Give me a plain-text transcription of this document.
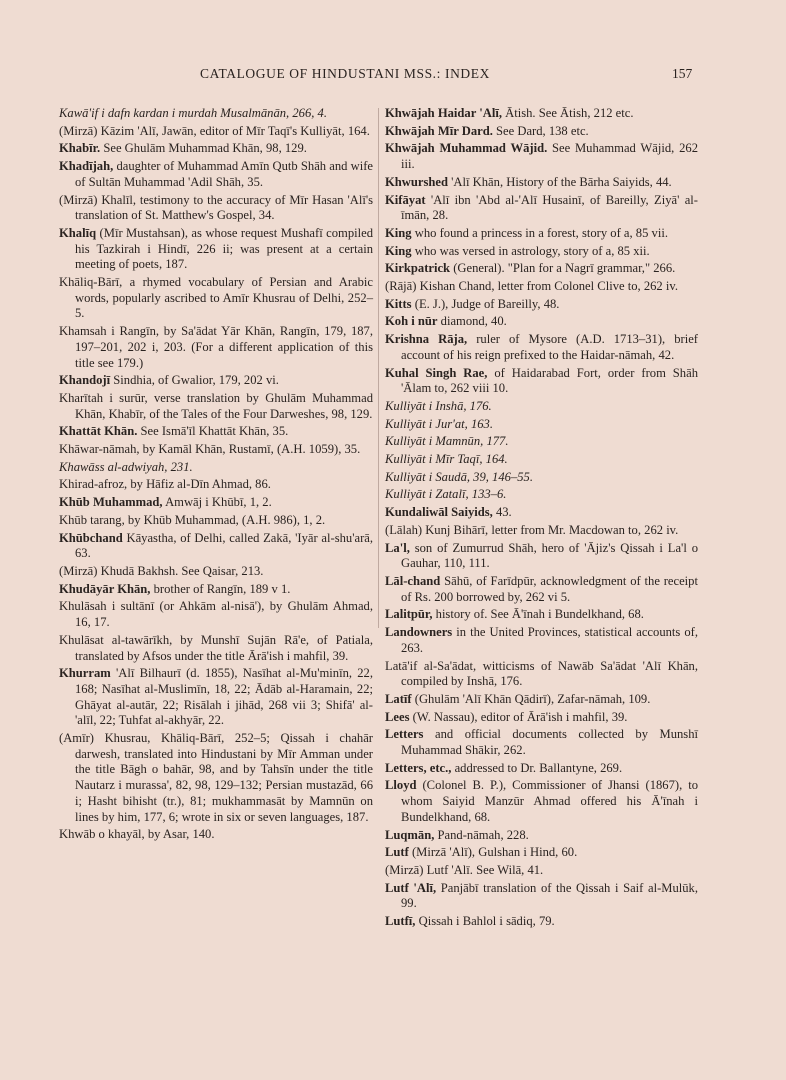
CATALOGUE OF HINDUSTANI MSS.: INDEX	157

Kawā'if i dafn kardan i murdah Musalmānān, 266, 4.

(Mirzā) Kāzim 'Alī, Jawān, editor of Mīr Taqī's Kulliyāt, 164.

Khabīr. See Ghulām Muhammad Khān, 98, 129.

Khadījah, daughter of Muhammad Amīn Qutb Shāh and wife of Sultān Muhammad 'Adil Shāh, 35.

(Mirzā) Khalīl, testimony to the accuracy of Mīr Hasan 'Alī's translation of St. Matthew's Gospel, 34.

Khalīq (Mīr Mustahsan), as whose request Mushafī compiled his Tazkirah i Hindī, 226 ii; was present at a certain meeting of poets, 187.

Khāliq-Bārī, a rhymed vocabulary of Persian and Arabic words, popularly ascribed to Amīr Khusrau of Delhi, 252–5.

Khamsah i Rangīn, by Sa'ādat Yār Khān, Rangīn, 179, 187, 197–201, 202 i, 203. (For a different application of this title see 179.)

Khandojī Sindhia, of Gwalior, 179, 202 vi.

Kharītah i surūr, verse translation by Ghulām Muhammad Khān, Khabīr, of the Tales of the Four Darweshes, 98, 129.

Khattāt Khān. See Ismā'īl Khattāt Khān, 35.

Khāwar-nāmah, by Kamāl Khān, Rustamī, (A.H. 1059), 35.

Khawāss al-adwiyah, 231.

Khirad-afroz, by Hāfiz al-Dīn Ahmad, 86.

Khūb Muhammad, Amwāj i Khūbī, 1, 2.

Khūb tarang, by Khūb Muhammad, (A.H. 986), 1, 2.

Khūbchand Kāyastha, of Delhi, called Zakā, 'Iyār al-shu'arā, 63.

(Mirzā) Khudā Bakhsh. See Qaisar, 213.

Khudāyār Khān, brother of Rangīn, 189 v 1.

Khulāsah i sultānī (or Ahkām al-nisā'), by Ghulām Ahmad, 16, 17.

Khulāsat al-tawārīkh, by Munshī Sujān Rā'e, of Patiala, translated by Afsos under the title Ārā'ish i mahfil, 39.

Khurram 'Alī Bilhaurī (d. 1855), Nasīhat al-Mu'minīn, 22, 168; Nasīhat al-Muslimīn, 18, 22; Ādāb al-Haramain, 22; Ghāyat al-autār, 22; Risālah i jihād, 268 vii 3; Shifā' al-'alīl, 22; Tuhfat al-akhyār, 22.

(Amīr) Khusrau, Khāliq-Bārī, 252–5; Qissah i chahār darwesh, translated into Hindustani by Mīr Amman under the title Bāgh o bahār, 98, and by Tahsīn under the title Nautarz i murassa', 82, 98, 129–132; Persian mustazād, 66 i; Hasht bihisht (tr.), 81; mukhammasāt by Mamnūn on lines by him, 177, 6; wrote in six or seven languages, 187.

Khwāb o khayāl, by Asar, 140.

Khwājah Haidar 'Alī, Ātish. See Ātish, 212 etc.

Khwājah Mīr Dard. See Dard, 138 etc.

Khwājah Muhammad Wājid. See Muhammad Wājid, 262 iii.

Khwurshed 'Alī Khān, History of the Bārha Saiyids, 44.

Kifāyat 'Alī ibn 'Abd al-'Alī Husainī, of Bareilly, Ziyā' al-īmān, 28.

King who found a princess in a forest, story of a, 85 vii.

King who was versed in astrology, story of a, 85 xii.

Kirkpatrick (General). "Plan for a Nagrī grammar," 266.

(Rājā) Kishan Chand, letter from Colonel Clive to, 262 iv.

Kitts (E. J.), Judge of Bareilly, 48.

Koh i nūr diamond, 40.

Krishna Rāja, ruler of Mysore (A.D. 1713–31), brief account of his reign prefixed to the Haidar-nāmah, 42.

Kuhal Singh Rae, of Haidarabad Fort, order from Shāh 'Ālam to, 262 viii 10.

Kulliyāt i Inshā, 176.

Kulliyāt i Jur'at, 163.

Kulliyāt i Mamnūn, 177.

Kulliyāt i Mīr Taqī, 164.

Kulliyāt i Saudā, 39, 146–55.

Kulliyāt i Zatalī, 133–6.

Kundaliwāl Saiyids, 43.

(Lālah) Kunj Bihārī, letter from Mr. Macdowan to, 262 iv.

La'l, son of Zumurrud Shāh, hero of 'Ājiz's Qissah i La'l o Gauhar, 110, 111.

Lāl-chand Sāhū, of Farīdpūr, acknowledgment of the receipt of Rs. 200 borrowed by, 262 vi 5.

Lalitpūr, history of. See Ā'īnah i Bundelkhand, 68.

Landowners in the United Provinces, statistical accounts of, 263.

Latā'if al-Sa'ādat, witticisms of Nawāb Sa'ādat 'Alī Khān, compiled by Inshā, 176.

Latīf (Ghulām 'Alī Khān Qādirī), Zafar-nāmah, 109.

Lees (W. Nassau), editor of Ārā'ish i mahfil, 39.

Letters and official documents collected by Munshī Muhammad Shākir, 262.

Letters, etc., addressed to Dr. Ballantyne, 269.

Lloyd (Colonel B. P.), Commissioner of Jhansi (1867), to whom Saiyid Manzūr Ahmad offered his Ā'īnah i Bundelkhand, 68.

Luqmān, Pand-nāmah, 228.

Lutf (Mirzā 'Alī), Gulshan i Hind, 60.

(Mirzā) Lutf 'Alī. See Wilā, 41.

Lutf 'Alī, Panjābī translation of the Qissah i Saif al-Mulūk, 99.

Lutfī, Qissah i Bahlol i sādiq, 79.
